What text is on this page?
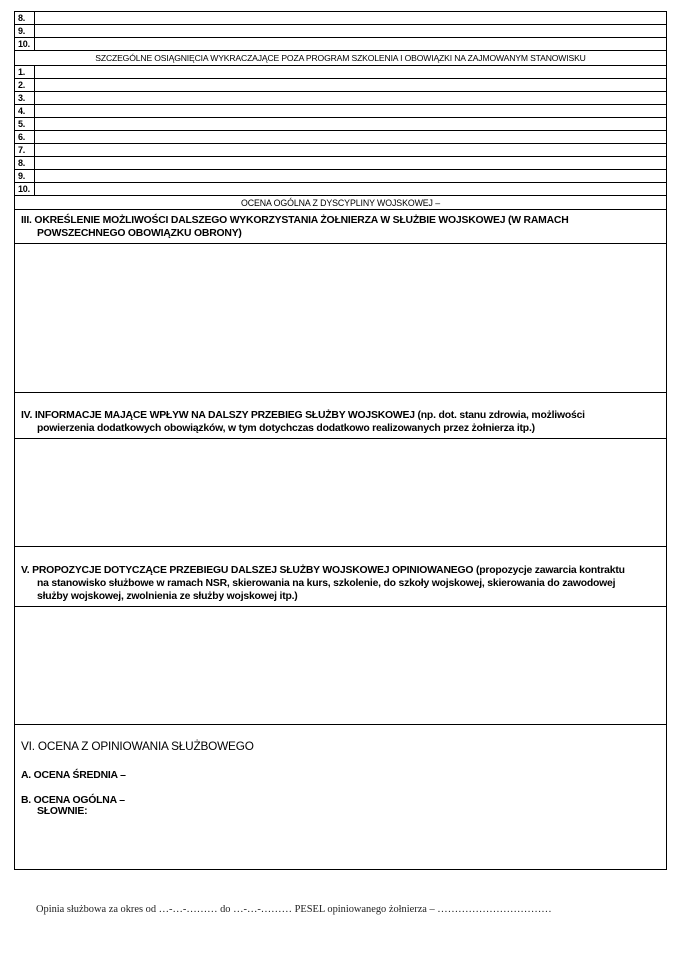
8.	
9.	
10.	
SZCZEGÓLNE OSIĄGNIĘCIA WYKRACZAJĄCE POZA PROGRAM SZKOLENIA I OBOWIĄZKI NA ZAJMOWANYM STANOWISKU	
1.	
2.	
3.	
4.	
5.	
6.	
7.	
8.	
9.	
10.	
OCENA OGÓLNA Z DYSCYPLINY WOJSKOWEJ –	

III. OKREŚLENIE MOŻLIWOŚCI DALSZEGO WYKORZYSTANIA ŻOŁNIERZA W SŁUŻBIE WOJSKOWEJ (W RAMACH
POWSZECHNEGO OBOWIĄZKU OBRONY)	

IV. INFORMACJE MAJĄCE WPŁYW NA DALSZY PRZEBIEG SŁUŻBY WOJSKOWEJ (np. dot. stanu zdrowia, możliwości
powierzenia dodatkowych obowiązków, w tym dotychczas dodatkowo realizowanych przez żołnierza itp.)	

V. PROPOZYCJE DOTYCZĄCE PRZEBIEGU DALSZEJ SŁUŻBY WOJSKOWEJ OPINIOWANEGO (propozycje zawarcia kontraktu
na stanowisko służbowe w ramach NSR, skierowania na kurs, szkolenie, do szkoły wojskowej, skierowania do zawodowej
służby wojskowej, zwolnienia ze służby wojskowej itp.)	

VI. OCENA Z OPINIOWANIA SŁUŻBOWEGO
A. OCENA ŚREDNIA –
B. OCENA OGÓLNA –
SŁOWNIE:	
Opinia służbowa za okres od …-…-……… do …-…-……… PESEL opiniowanego żołnierza – ……………………………
